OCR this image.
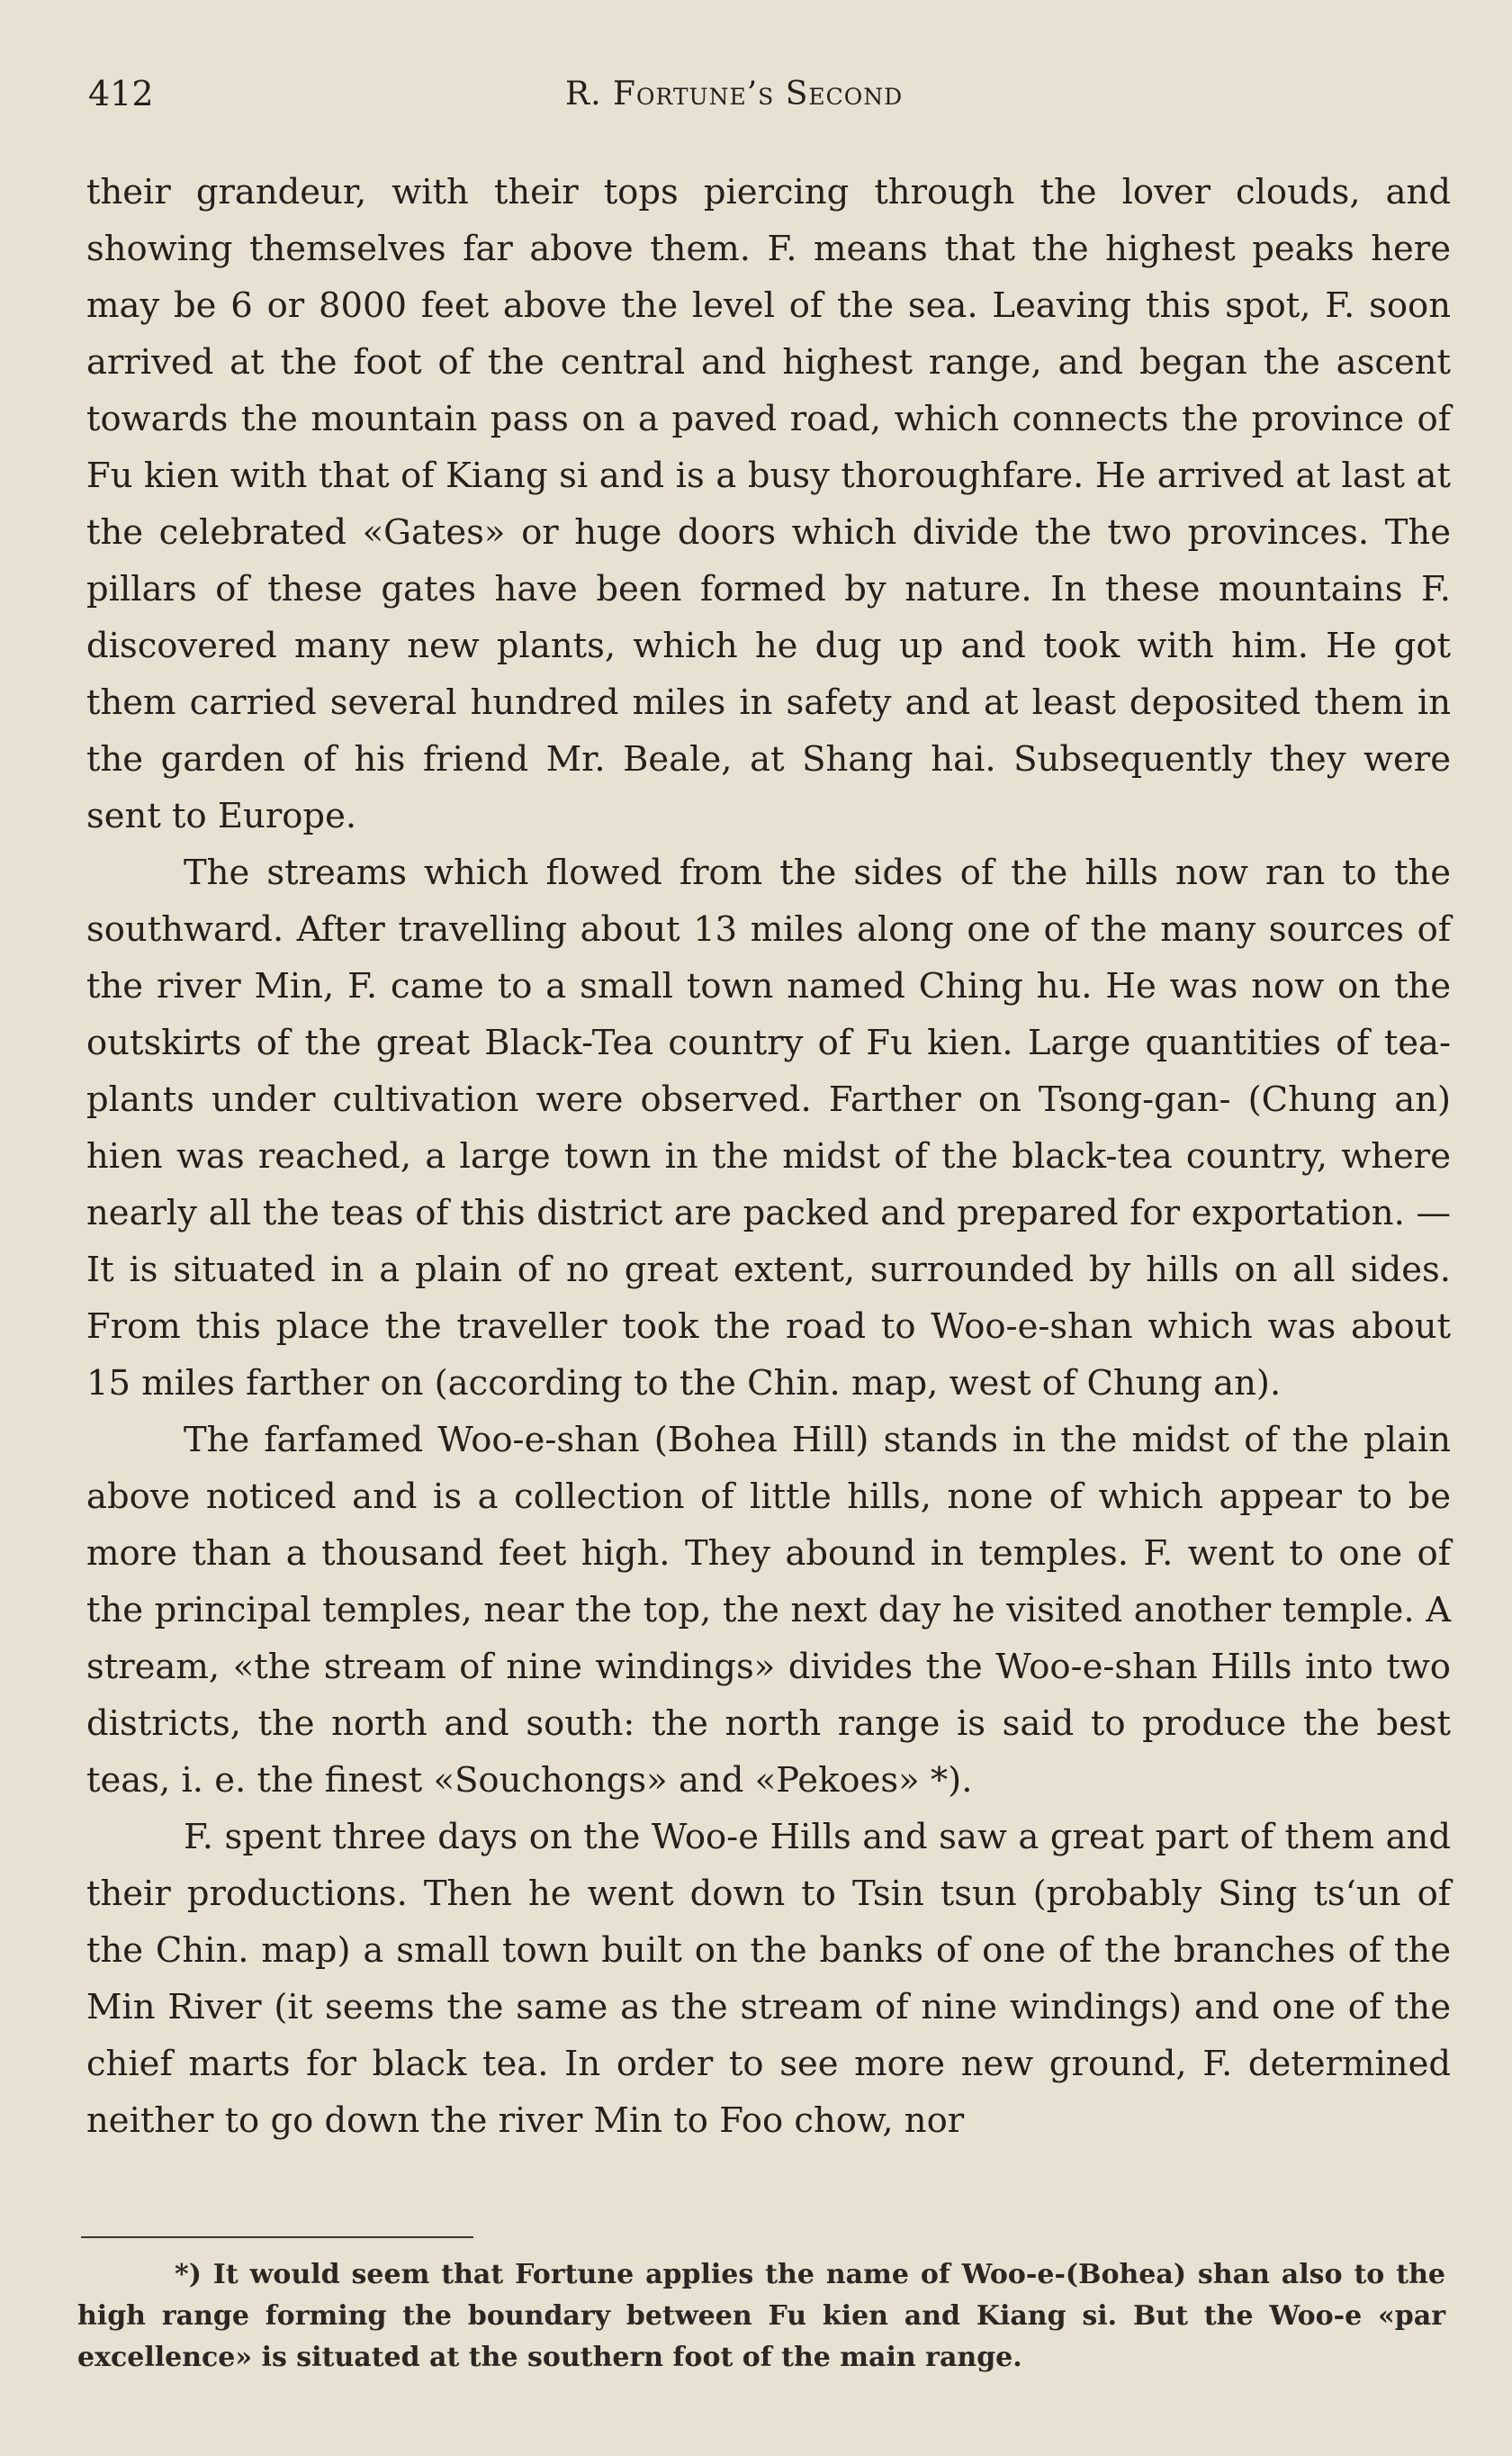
412	R. Fortune’s Second

their grandeur, with their tops piercing through the lover clouds, and showing themselves far above them. F. means that the highest peaks here may be 6 or 8000 feet above the level of the sea. Leaving this spot, F. soon arrived at the foot of the central and highest range, and began the ascent towards the mountain pass on a paved road, which connects the province of Fu kien with that of Kiang si and is a busy thoroughfare. He arrived at last at the celebrated «Gates» or huge doors which divide the two provinces. The pillars of these gates have been formed by nature. In these mountains F. discovered many new plants, which he dug up and took with him. He got them carried several hundred miles in safety and at least deposited them in the garden of his friend Mr. Beale, at Shang hai. Subsequently they were sent to Europe.

The streams which flowed from the sides of the hills now ran to the southward. After travelling about 13 miles along one of the many sources of the river Min, F. came to a small town named Ching hu. He was now on the outskirts of the great Black-Tea country of Fu kien. Large quantities of tea-plants under cultivation were observed. Farther on Tsong-gan- (Chung an) hien was reached, a large town in the midst of the black-tea country, where nearly all the teas of this district are packed and prepared for exportation. — It is situated in a plain of no great extent, surrounded by hills on all sides. From this place the traveller took the road to Woo-e-shan which was about 15 miles farther on (according to the Chin. map, west of Chung an).

The farfamed Woo-e-shan (Bohea Hill) stands in the midst of the plain above noticed and is a collection of little hills, none of which appear to be more than a thousand feet high. They abound in temples. F. went to one of the principal temples, near the top, the next day he visited another temple. A stream, «the stream of nine windings» divides the Woo-e-shan Hills into two districts, the north and south: the north range is said to produce the best teas, i. e. the finest «Souchongs» and «Pekoes» *).

F. spent three days on the Woo-e Hills and saw a great part of them and their productions. Then he went down to Tsin tsun (probably Sing ts‘un of the Chin. map) a small town built on the banks of one of the branches of the Min River (it seems the same as the stream of nine windings) and one of the chief marts for black tea. In order to see more new ground, F. determined neither to go down the river Min to Foo chow, nor

*) It would seem that Fortune applies the name of Woo-e-(Bohea) shan also to the high range forming the boundary between Fu kien and Kiang si. But the Woo-e «par excellence» is situated at the southern foot of the main range.
